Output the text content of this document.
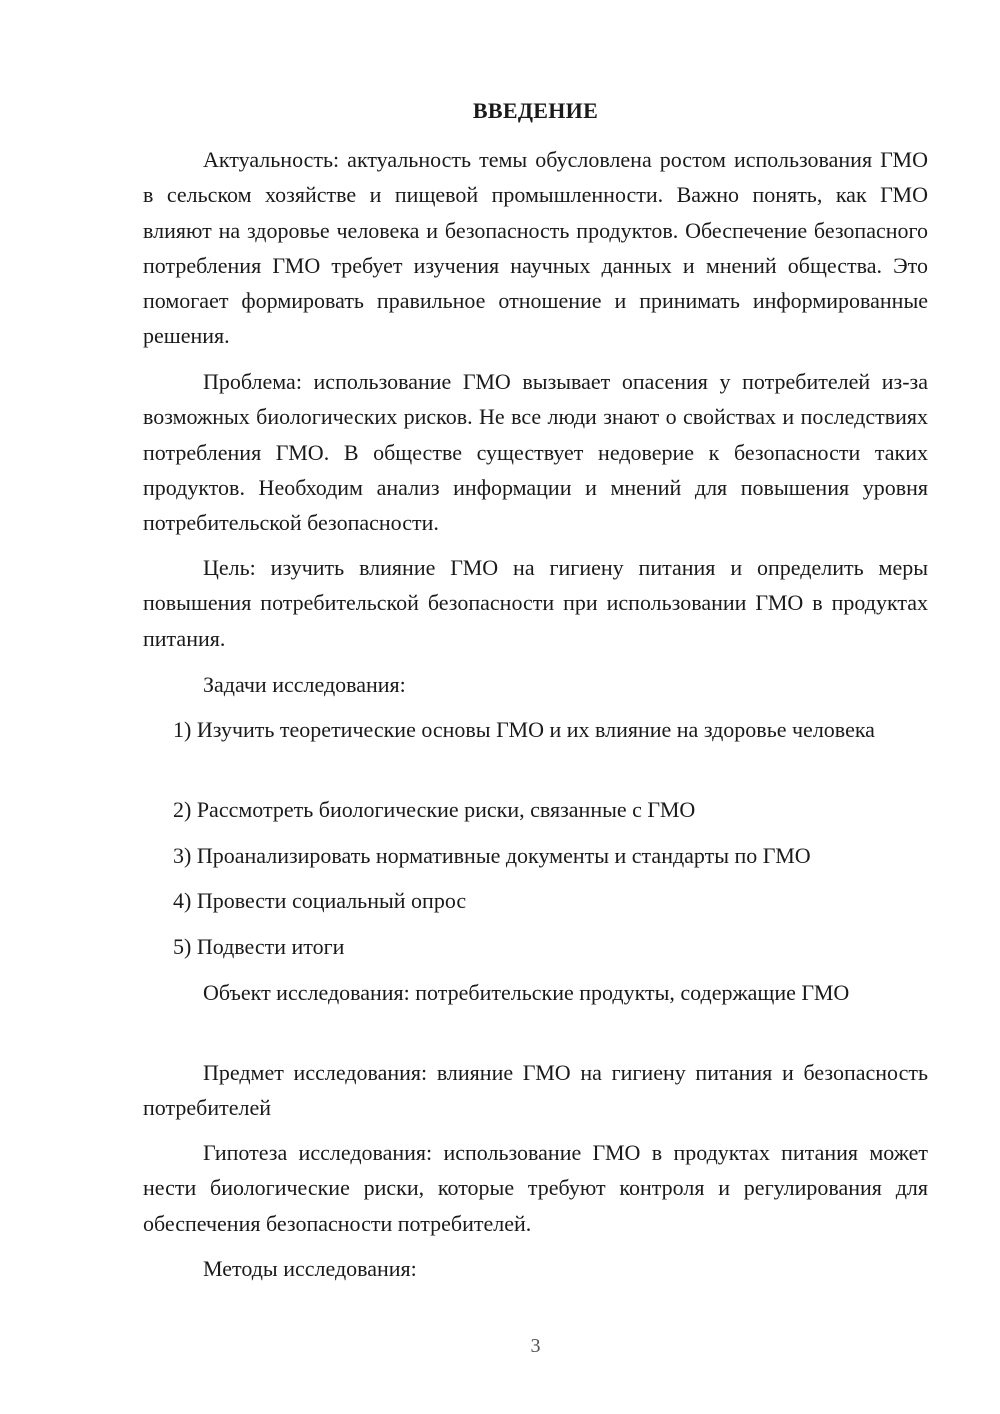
ВВЕДЕНИЕ

Актуальность: актуальность темы обусловлена ростом использования ГМО в сельском хозяйстве и пищевой промышленности. Важно понять, как ГМО влияют на здоровье человека и безопасность продуктов. Обеспечение безопасного потребления ГМО требует изучения научных данных и мнений общества. Это помогает формировать правильное отношение и принимать информированные решения.

Проблема: использование ГМО вызывает опасения у потребителей из-за возможных биологических рисков. Не все люди знают о свойствах и последствиях потребления ГМО. В обществе существует недоверие к безопасности таких продуктов. Необходим анализ информации и мнений для повышения уровня потребительской безопасности.

Цель: изучить влияние ГМО на гигиену питания и определить меры повышения потребительской безопасности при использовании ГМО в продуктах питания.

Задачи исследования:

1) Изучить теоретические основы ГМО и их влияние на здоровье человека

2) Рассмотреть биологические риски, связанные с ГМО

3) Проанализировать нормативные документы и стандарты по ГМО

4) Провести социальный опрос

5) Подвести итоги

Объект исследования: потребительские продукты, содержащие ГМО

Предмет исследования: влияние ГМО на гигиену питания и безопасность потребителей

Гипотеза исследования: использование ГМО в продуктах питания может нести биологические риски, которые требуют контроля и регулирования для обеспечения безопасности потребителей.

Методы исследования:

3
